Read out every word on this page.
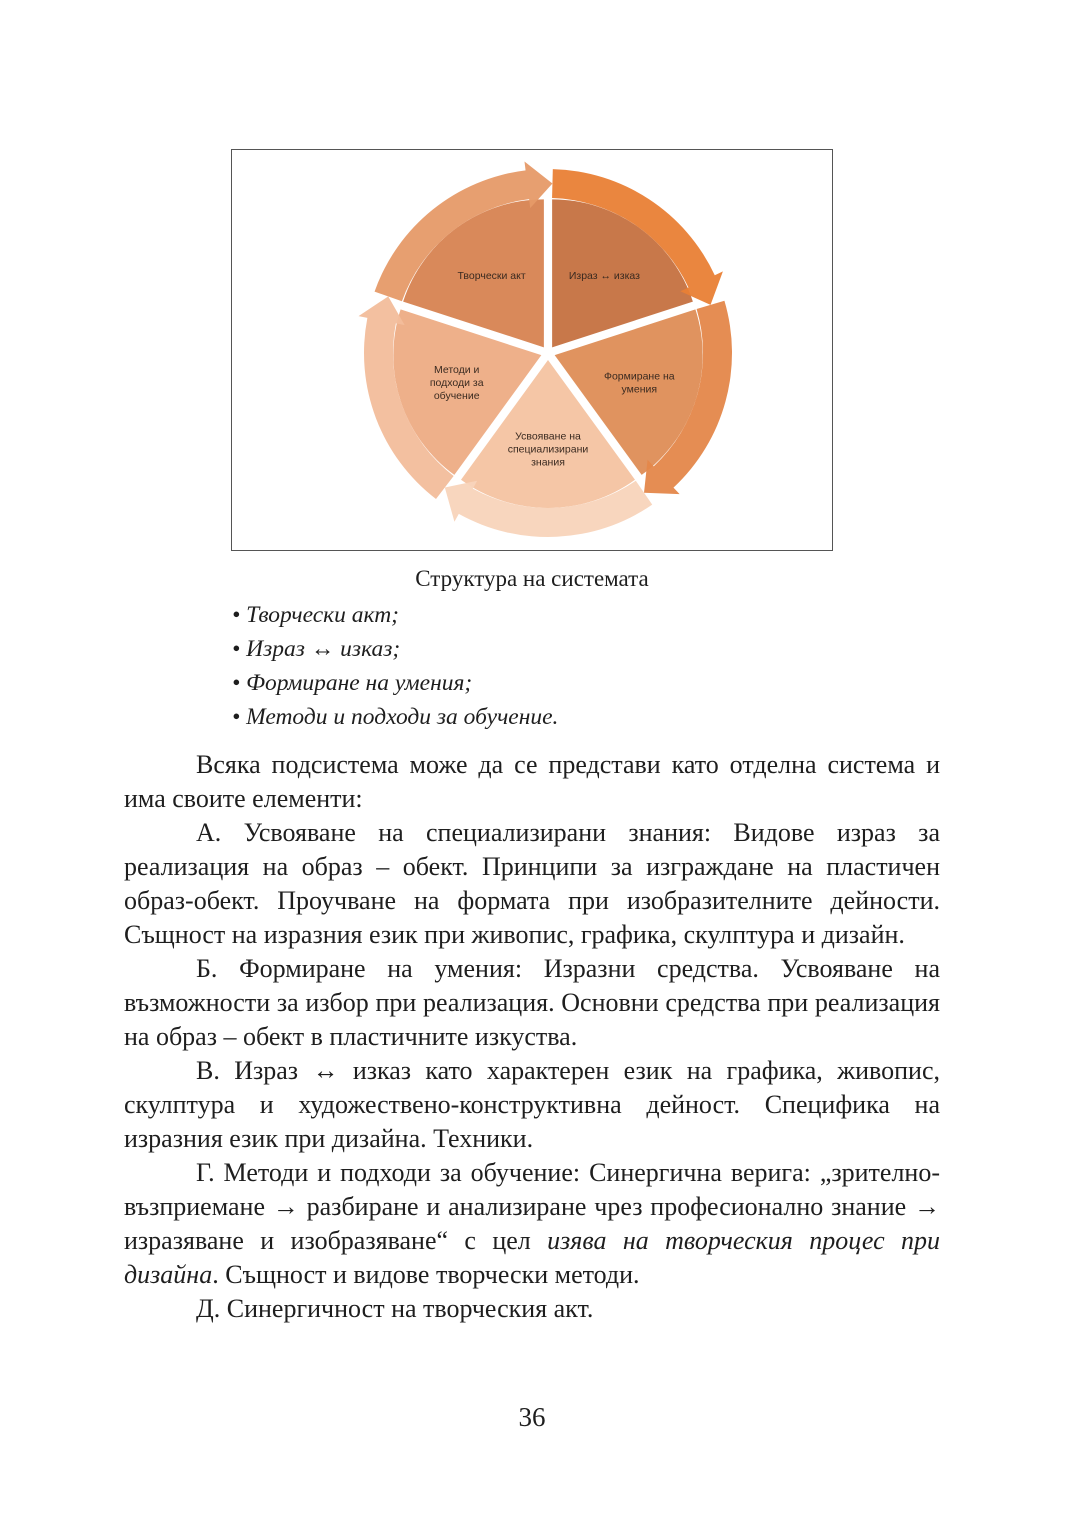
Творчески акт	Израз ↔ изказ
Формиране на умения
Усвояване на специализирани знания
Методи и подходи за обучение
Структура на системата
• Творчески акт;
• Израз ↔ изказ;
• Формиране на умения;
• Методи и подходи за обучение.

Всяка подсистема може да се представи като отделна система и има своите елементи:

А. Усвояване на специализирани знания: Видове израз за реализация на образ – обект. Принципи за изграждане на пластичен образ-обект. Проучване на формата при изобразителните дейности. Същност на изразния език при живопис, графика, скулптура и дизайн.

Б. Формиране на умения: Изразни средства. Усвояване на възможности за избор при реализация. Основни средства при реализация на образ – обект в пластичните изкуства.

В. Израз ↔ изказ като характерен език на графика, живопис, скулптура и художествено-конструктивна дейност. Специфика на изразния език при дизайна. Техники.

Г. Методи и подходи за обучение: Синергична верига: „зрително-възприемане → разбиране и анализиране чрез професионално знание → изразяване и изобразяване“ с цел изява на творческия процес при дизайна. Същност и видове творчески методи.

Д. Синергичност на творческия акт.

36
